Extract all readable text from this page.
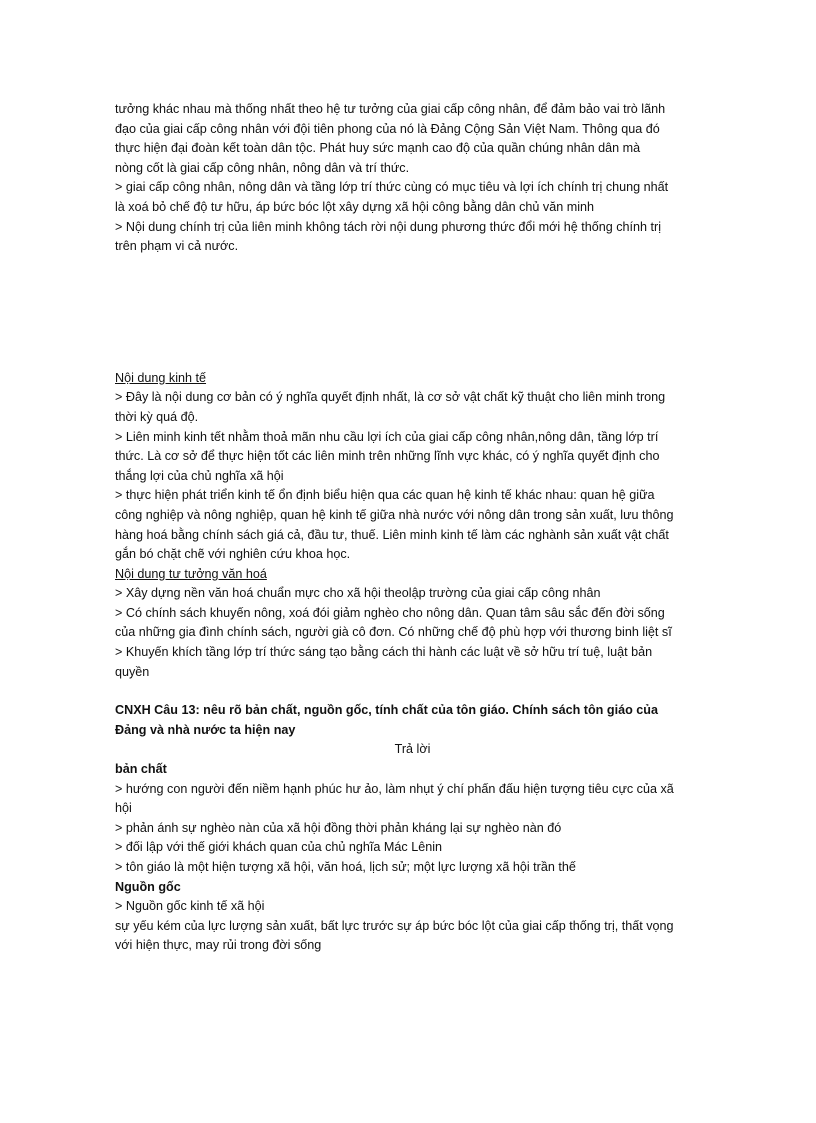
tưởng khác nhau mà thống nhất theo hệ tư tưởng của giai cấp công nhân, để đảm bảo vai trò lãnh
đạo của giai cấp công nhân với đội tiên phong của nó là Đảng Cộng Sản Việt Nam. Thông qua đó
thực hiện đại đoàn kết toàn dân tộc. Phát huy sức mạnh cao độ của quần chúng nhân dân mà
nòng cốt là giai cấp công nhân, nông dân và trí thức.
> giai cấp công nhân, nông dân và tầng lớp trí thức cùng có mục tiêu và lợi ích chính trị chung nhất
là xoá bỏ chế độ tư hữu, áp bức bóc lột xây dựng xã hội công bằng dân chủ văn minh
> Nội dung chính trị của liên minh không tách rời nội dung phương thức đổi mới hệ thống chính trị
trên phạm vi cả nước.
Nội dung kinh tế
> Đây là nội dung cơ bản có ý nghĩa quyết định nhất, là cơ sở vật chất kỹ thuật cho liên minh trong
thời kỳ quá độ.
> Liên minh kinh tết nhằm thoả mãn nhu cầu lợi ích của giai cấp công nhân,nông dân, tầng lớp trí
thức. Là cơ sở để thực hiện tốt các liên minh trên những lĩnh vực khác, có ý nghĩa quyết định cho
thắng lợi của chủ nghĩa xã hội
> thực hiện phát triển kinh tế ổn định biểu hiện qua các quan hệ kinh tế khác nhau: quan hệ giữa
công nghiệp và nông nghiệp, quan hệ kinh tế giữa nhà nước với nông dân trong sản xuất, lưu thông
hàng hoá bằng chính sách giá cả, đầu tư, thuế. Liên minh kinh tế làm các nghành sản xuất vật chất
gắn bó chặt chẽ với nghiên cứu khoa học.
Nội dung tư tưởng văn hoá
> Xây dựng nền văn hoá chuẩn mực cho xã hội theolập trường của giai cấp công nhân
> Có chính sách khuyến nông, xoá đói giảm nghèo cho nông dân. Quan tâm sâu sắc đến đời sống
của những gia đình chính sách, người già cô đơn. Có những chế độ phù hợp với thương binh liệt sĩ
> Khuyến khích tầng lớp trí thức sáng tạo bằng cách thi hành các luật về sở hữu trí tuệ, luật bản
quyền
CNXH Câu 13: nêu rõ bản chất, nguồn gốc, tính chất của tôn giáo. Chính sách tôn giáo của
Đảng và nhà nước ta hiện nay
Trả lời
bản chất
> hướng con người đến niềm hạnh phúc hư ảo, làm nhụt ý chí phấn đấu hiện tượng tiêu cực của xã
hội
> phản ánh sự nghèo nàn của xã hội đồng thời phản kháng lại sự nghèo nàn đó
> đối lập với thế giới khách quan của chủ nghĩa Mác Lênin
> tôn giáo là một hiện tượng xã hội, văn hoá, lịch sử; một lực lượng xã hội trần thế
Nguồn gốc
> Nguồn gốc kinh tế xã hội
sự yếu kém của lực lượng sản xuất, bất lực trước sự áp bức bóc lột của giai cấp thống trị, thất vọng
với hiện thực, may rủi trong đời sống
